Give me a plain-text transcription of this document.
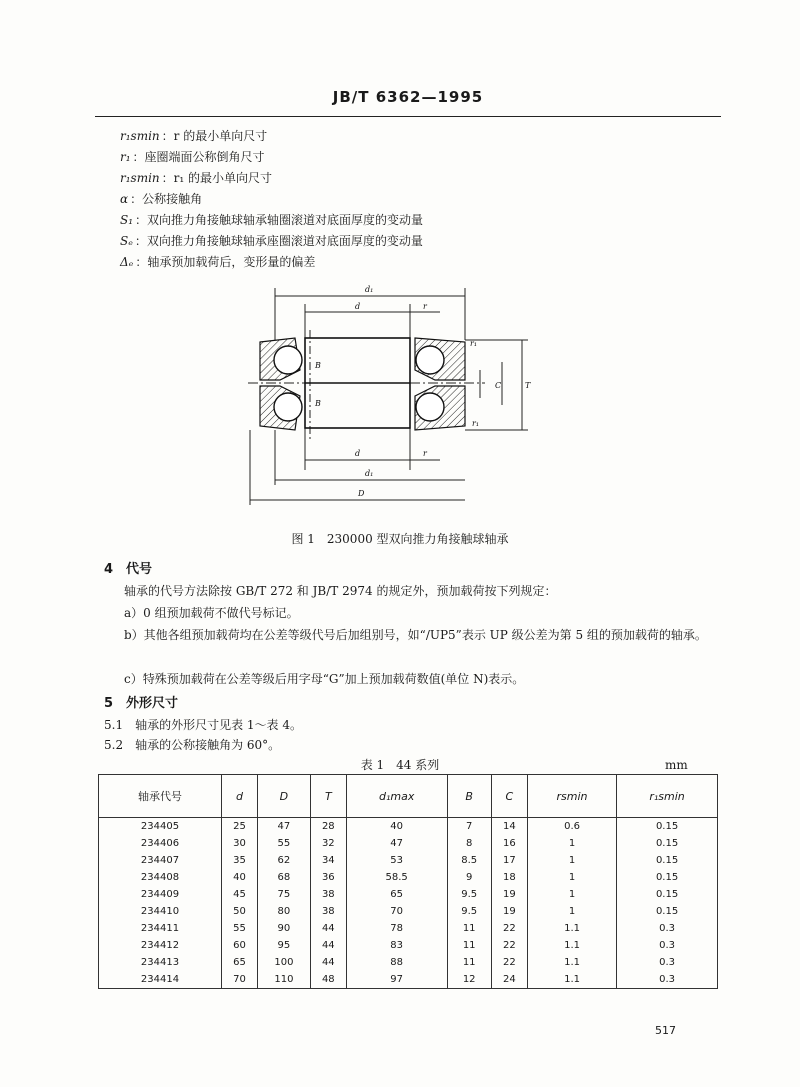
JB/T 6362—1995
r₁smin ：r 的最小单向尺寸
r₁ ：座圈端面公称倒角尺寸
r₁smin ：r₁ 的最小单向尺寸
α ：公称接触角
S₁ ：双向推力角接触球轴承轴圈滚道对底面厚度的变动量
Sₑ ：双向推力角接触球轴承座圈滚道对底面厚度的变动量
Δₑ ：轴承预加载荷后，变形量的偏差
d₁
d	r
T
C
r₁
r₁
B
B
d	r
d₁
D
图 1　230000 型双向推力角接触球轴承
4　代号
轴承的代号方法除按 GB/T 272 和 JB/T 2974 的规定外，预加载荷按下列规定：
a）0 组预加载荷不做代号标记。
b）其他各组预加载荷均在公差等级代号后加组别号，如“/UP5”表示 UP 级公差为第 5 组的预加载荷的轴承。
c）特殊预加载荷在公差等级后用字母“G”加上预加载荷数值(单位 N)表示。
5　外形尺寸
5.1　轴承的外形尺寸见表 1～表 4。
5.2　轴承的公称接触角为 60°。
表 1　44 系列	mm
轴承代号	d	D	T	d₁max	B	C	rsmin	r₁smin
234405	25	47	28	40	7	14	0.6	0.15
234406	30	55	32	47	8	16	1	0.15
234407	35	62	34	53	8.5	17	1	0.15
234408	40	68	36	58.5	9	18	1	0.15
234409	45	75	38	65	9.5	19	1	0.15
234410	50	80	38	70	9.5	19	1	0.15
234411	55	90	44	78	11	22	1.1	0.3
234412	60	95	44	83	11	22	1.1	0.3
234413	65	100	44	88	11	22	1.1	0.3
234414	70	110	48	97	12	24	1.1	0.3
517
